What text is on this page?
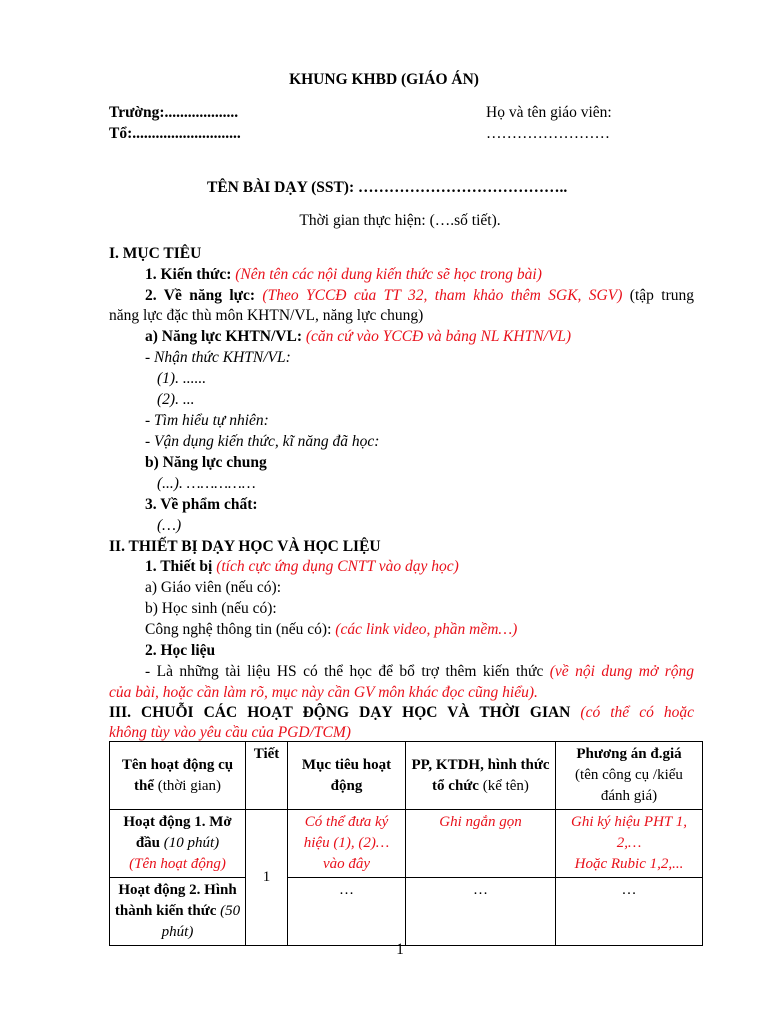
KHUNG KHBD (GIÁO ÁN)
Trường:...................
Tổ:............................
Họ và tên giáo viên:
……………………
TÊN BÀI DẠY (SST): …………………………………..
Thời gian thực hiện: (….số tiết).
I. MỤC TIÊU
1. Kiến thức: (Nên tên các nội dung kiến thức sẽ học trong bài)
2. Về năng lực: (Theo YCCĐ của TT 32, tham khảo thêm SGK, SGV) (tập trung
năng lực đặc thù môn KHTN/VL, năng lực chung)
a) Năng lực KHTN/VL: (căn cứ vào YCCĐ và bảng NL KHTN/VL)
- Nhận thức KHTN/VL:
(1). ......
(2). ...
- Tìm hiểu tự nhiên:
- Vận dụng kiến thức, kĩ năng đã học:
b) Năng lực chung
(...). ……………
3. Về phẩm chất:
(…)
II. THIẾT BỊ DẠY HỌC VÀ HỌC LIỆU
1. Thiết bị (tích cực ứng dụng CNTT vào dạy học)
a) Giáo viên (nếu có):
b) Học sinh (nếu có):
Công nghệ thông tin (nếu có): (các link video, phần mềm…)
2. Học liệu
- Là những tài liệu HS có thể học để bổ trợ thêm kiến thức (về nội dung mở rộng
của bài, hoặc cần làm rõ, mục này cần GV môn khác đọc cũng hiểu).
III. CHUỖI CÁC HOẠT ĐỘNG DẠY HỌC VÀ THỜI GIAN (có thể có hoặc
không tùy vào yêu cầu của PGD/TCM)
Tên hoạt động cụ thể (thời gian)	Tiết	Mục tiêu hoạt động	PP, KTDH, hình thức tổ chức (kể tên)	Phương án đ.giá
(tên công cụ /kiểu đánh giá)
Hoạt động 1. Mở đầu (10 phút)
(Tên hoạt động)	1	Có thể đưa ký hiệu (1), (2)… vào đây	Ghi ngắn gọn	Ghi ký hiệu PHT 1, 2,…
Hoặc Rubic 1,2,...
Hoạt động 2. Hình thành kiến thức (50 phút)		…	…	…
1
